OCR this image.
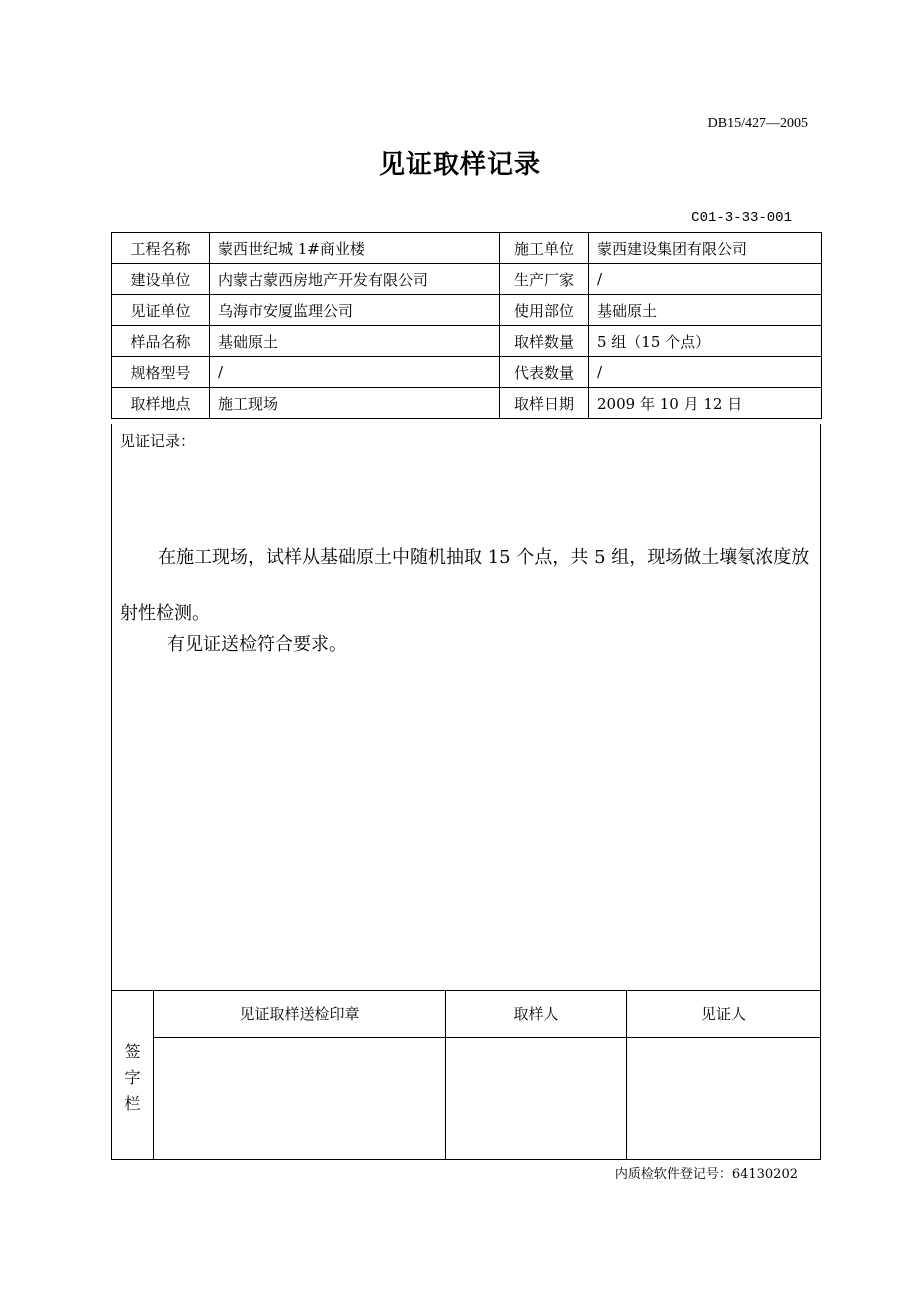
DB15/427—2005
见证取样记录
C01-3-33-001
工程名称	蒙西世纪城 1#商业楼	施工单位	蒙西建设集团有限公司
建设单位	内蒙古蒙西房地产开发有限公司	生产厂家	/
见证单位	乌海市安厦监理公司	使用部位	基础原土
样品名称	基础原土	取样数量	5 组（15 个点）
规格型号	/	代表数量	/
取样地点	施工现场	取样日期	2009 年 10 月 12 日
见证记录：

在施工现场，试样从基础原土中随机抽取 15 个点，共 5 组，现场做土壤氡浓度放射性检测。

有见证送检符合要求。

签
字
栏
见证取样送检印章	取样人	见证人
内质检软件登记号：64130202
